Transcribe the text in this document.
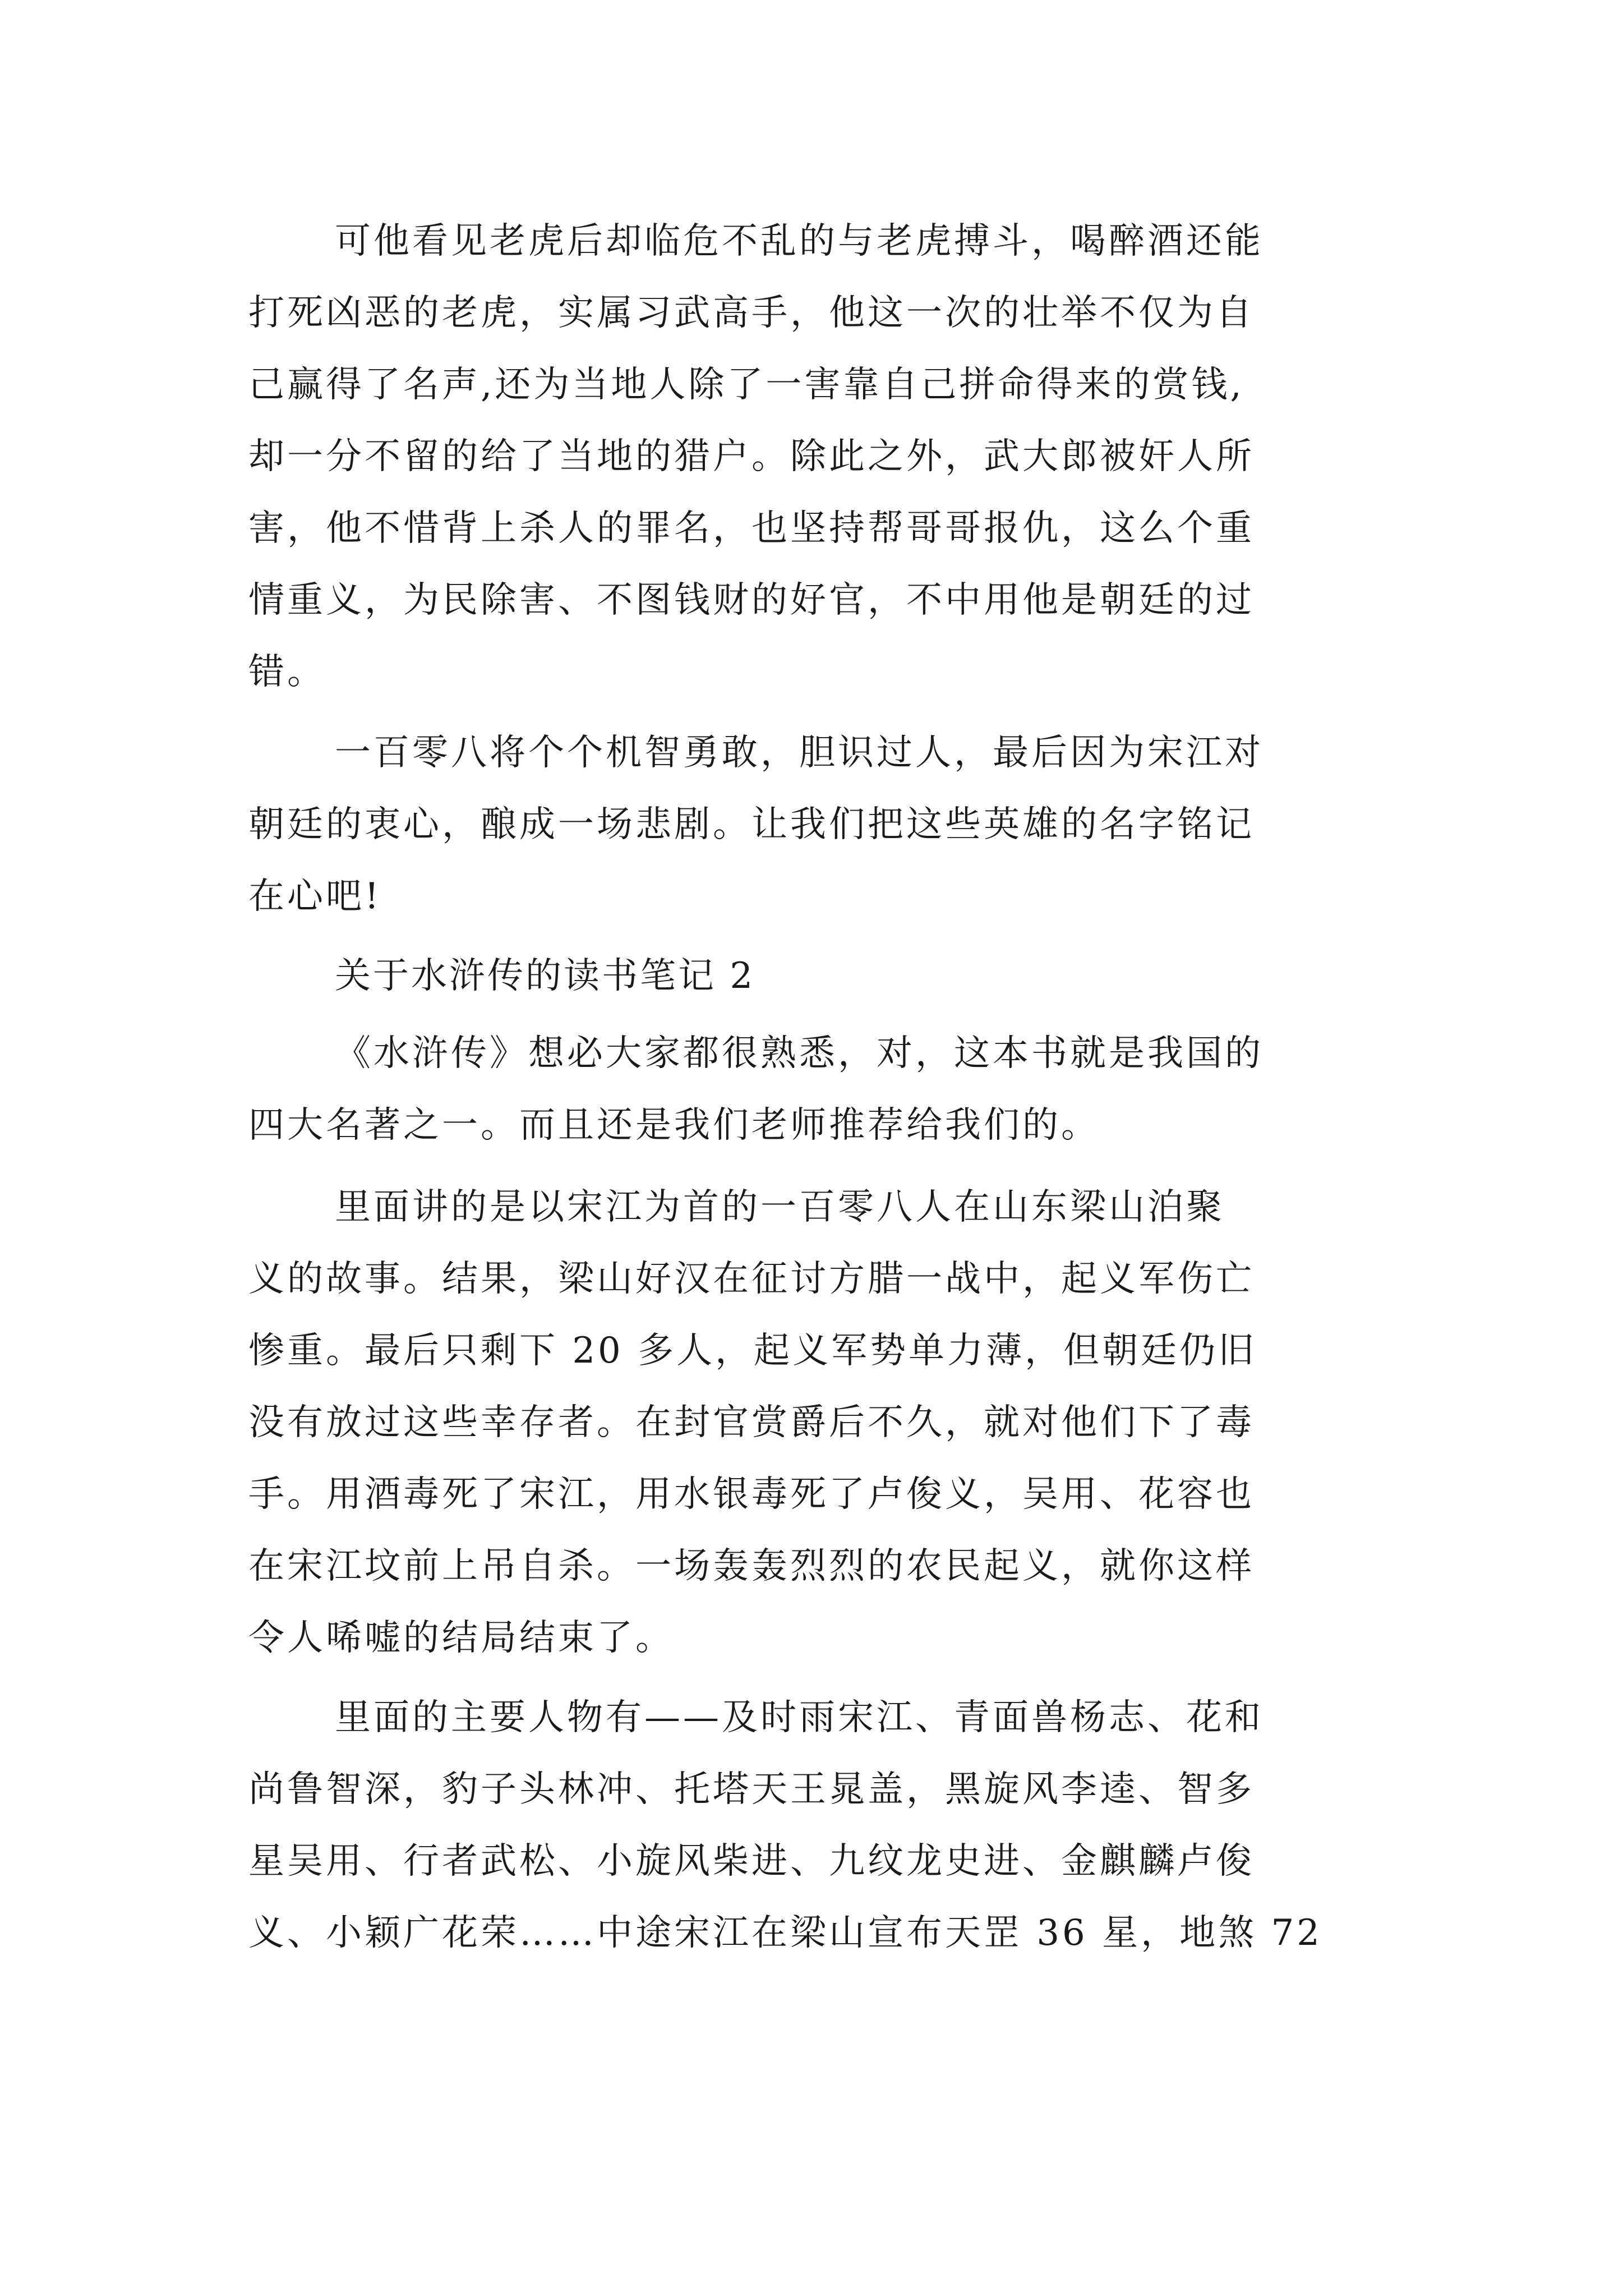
可他看见老虎后却临危不乱的与老虎搏斗，喝醉酒还能
打死凶恶的老虎，实属习武高手，他这一次的壮举不仅为自
己赢得了名声,还为当地人除了一害靠自己拼命得来的赏钱,
却一分不留的给了当地的猎户。除此之外，武大郎被奸人所
害，他不惜背上杀人的罪名，也坚持帮哥哥报仇，这么个重
情重义，为民除害、不图钱财的好官，不中用他是朝廷的过
错。
一百零八将个个机智勇敢，胆识过人，最后因为宋江对
朝廷的衷心，酿成一场悲剧。让我们把这些英雄的名字铭记
在心吧!
关于水浒传的读书笔记 2
《水浒传》想必大家都很熟悉，对，这本书就是我国的
四大名著之一。而且还是我们老师推荐给我们的。
里面讲的是以宋江为首的一百零八人在山东梁山泊聚
义的故事。结果，梁山好汉在征讨方腊一战中，起义军伤亡
惨重。最后只剩下 20 多人，起义军势单力薄，但朝廷仍旧
没有放过这些幸存者。在封官赏爵后不久，就对他们下了毒
手。用酒毒死了宋江，用水银毒死了卢俊义，吴用、花容也
在宋江坟前上吊自杀。一场轰轰烈烈的农民起义，就你这样
令人唏嘘的结局结束了。
里面的主要人物有——及时雨宋江、青面兽杨志、花和
尚鲁智深，豹子头林冲、托塔天王晁盖，黑旋风李逵、智多
星吴用、行者武松、小旋风柴进、九纹龙史进、金麒麟卢俊
义、小颖广花荣……中途宋江在梁山宣布天罡 36 星，地煞 72
